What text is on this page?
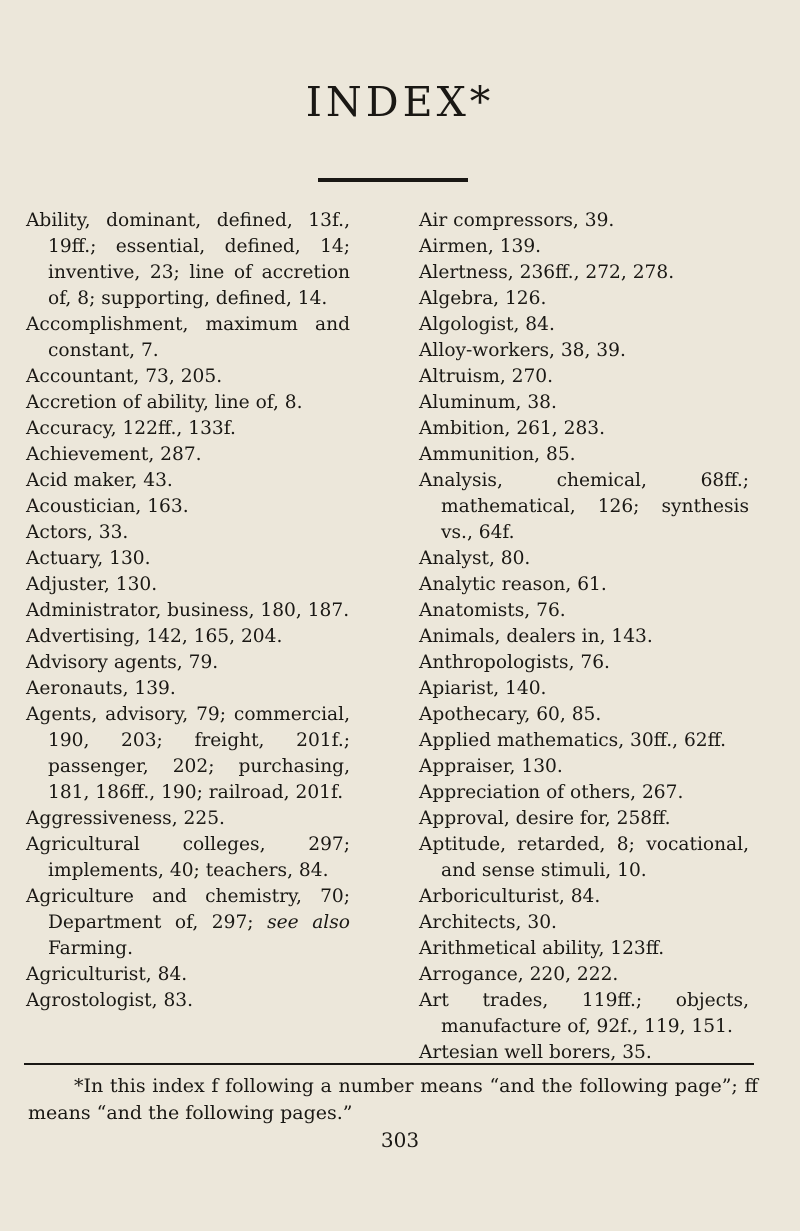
INDEX*

Ability, dominant, defined, 13f., 19ff.; essential, defined, 14; inventive, 23; line of accretion of, 8; supporting, defined, 14.

Accomplishment, maximum and constant, 7.

Accountant, 73, 205.

Accretion of ability, line of, 8.

Accuracy, 122ff., 133f.

Achievement, 287.

Acid maker, 43.

Acoustician, 163.

Actors, 33.

Actuary, 130.

Adjuster, 130.

Administrator, business, 180, 187.

Advertising, 142, 165, 204.

Advisory agents, 79.

Aeronauts, 139.

Agents, advisory, 79; commercial, 190, 203; freight, 201f.; passenger, 202; purchasing, 181, 186ff., 190; railroad, 201f.

Aggressiveness, 225.

Agricultural colleges, 297; implements, 40; teachers, 84.

Agriculture and chemistry, 70; Department of, 297; see also Farming.

Agriculturist, 84.

Agrostologist, 83.

Air compressors, 39.

Airmen, 139.

Alertness, 236ff., 272, 278.

Algebra, 126.

Algologist, 84.

Alloy-workers, 38, 39.

Altruism, 270.

Aluminum, 38.

Ambition, 261, 283.

Ammunition, 85.

Analysis, chemical, 68ff.; mathematical, 126; synthesis vs., 64f.

Analyst, 80.

Analytic reason, 61.

Anatomists, 76.

Animals, dealers in, 143.

Anthropologists, 76.

Apiarist, 140.

Apothecary, 60, 85.

Applied mathematics, 30ff., 62ff.

Appraiser, 130.

Appreciation of others, 267.

Approval, desire for, 258ff.

Aptitude, retarded, 8; vocational, and sense stimuli, 10.

Arboriculturist, 84.

Architects, 30.

Arithmetical ability, 123ff.

Arrogance, 220, 222.

Art trades, 119ff.; objects, manufacture of, 92f., 119, 151.

Artesian well borers, 35.

*In this index f following a number means “and the following page”; ff means “and the following pages.”
303
